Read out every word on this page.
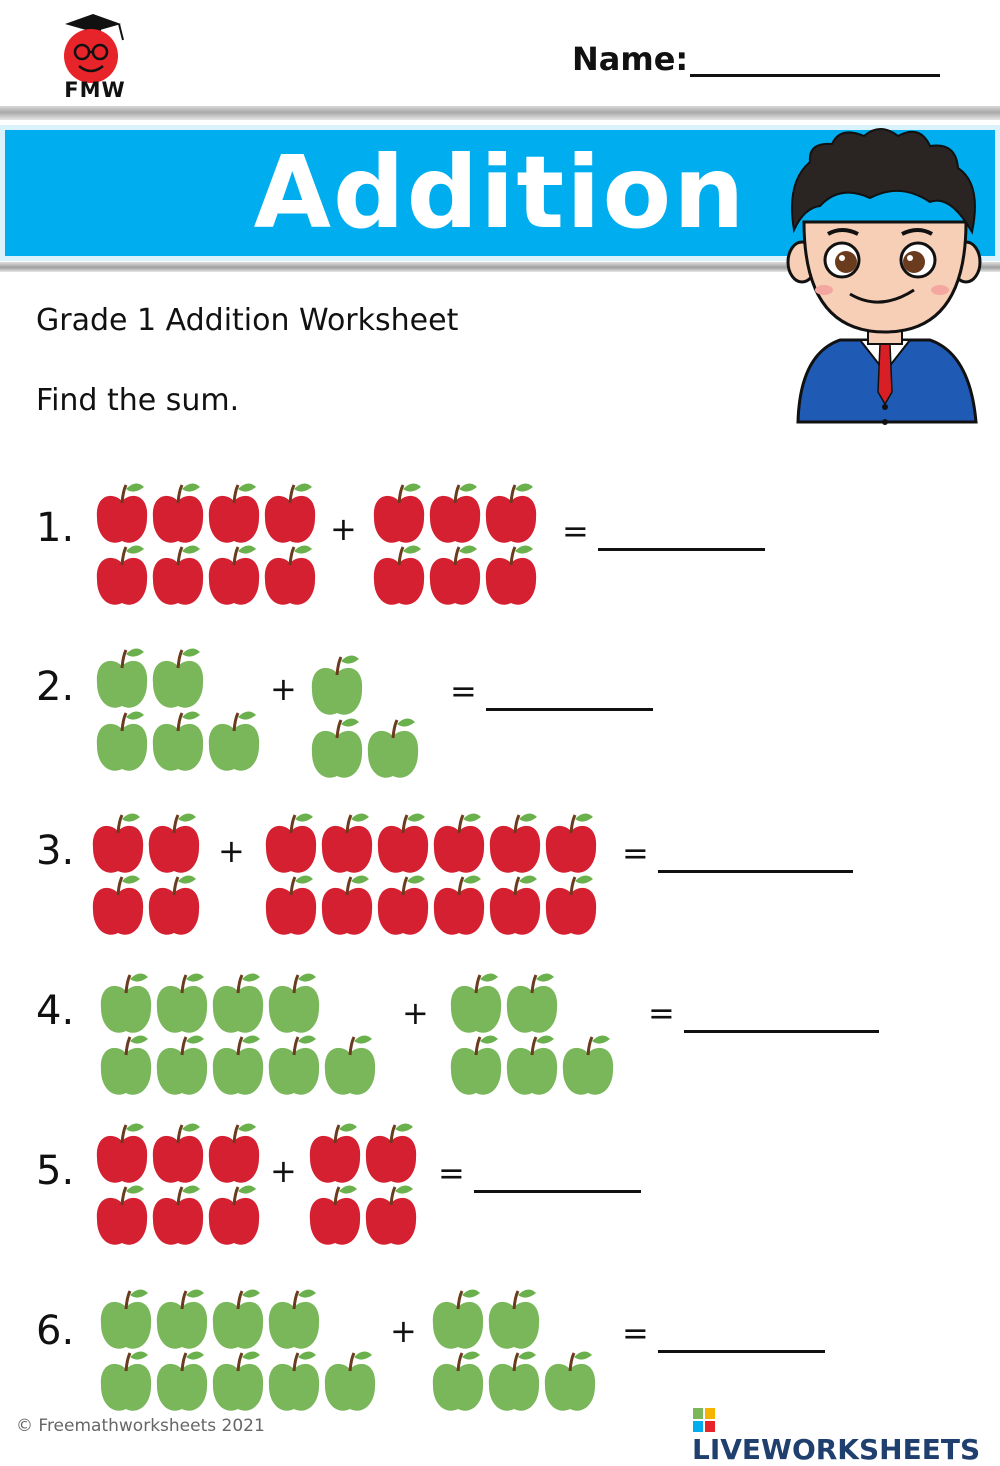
FMW
Name:
Addition
Grade 1 Addition Worksheet
Find the sum.
1.	+	=
2.	+	=
3.	+	=
4.	+	=
5.	+	=
6.	+	=
© Freemathworksheets 2021
LIVEWORKSHEETS
